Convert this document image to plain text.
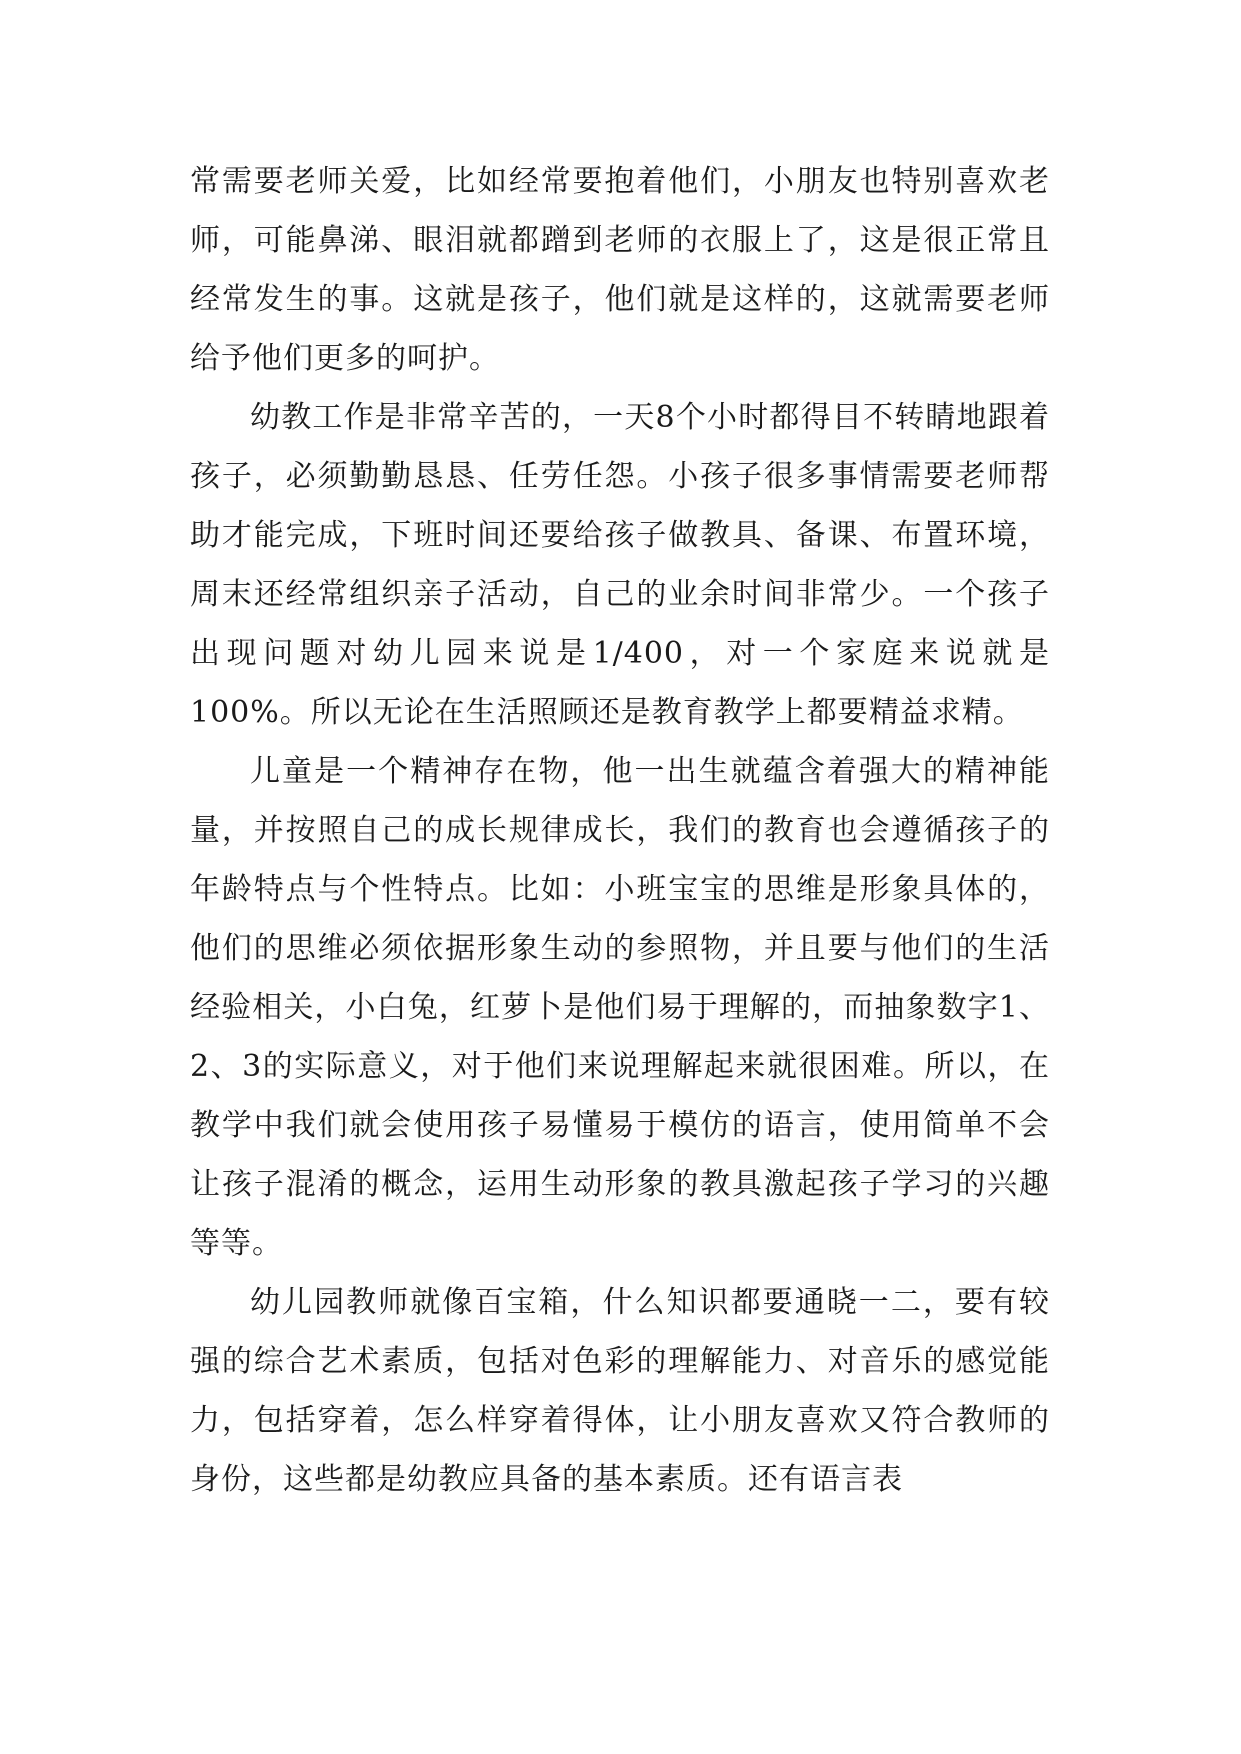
常需要老师关爱，比如经常要抱着他们，小朋友也特别喜欢老师，可能鼻涕、眼泪就都蹭到老师的衣服上了，这是很正常且经常发生的事。这就是孩子，他们就是这样的，这就需要老师给予他们更多的呵护。

幼教工作是非常辛苦的，一天8个小时都得目不转睛地跟着孩子，必须勤勤恳恳、任劳任怨。小孩子很多事情需要老师帮助才能完成，下班时间还要给孩子做教具、备课、布置环境，周末还经常组织亲子活动，自己的业余时间非常少。一个孩子出现问题对幼儿园来说是1/400，对一个家庭来说就是100%。所以无论在生活照顾还是教育教学上都要精益求精。

儿童是一个精神存在物，他一出生就蕴含着强大的精神能量，并按照自己的成长规律成长，我们的教育也会遵循孩子的年龄特点与个性特点。比如：小班宝宝的思维是形象具体的，他们的思维必须依据形象生动的参照物，并且要与他们的生活经验相关，小白兔，红萝卜是他们易于理解的，而抽象数字1、2、3的实际意义，对于他们来说理解起来就很困难。所以，在教学中我们就会使用孩子易懂易于模仿的语言，使用简单不会让孩子混淆的概念，运用生动形象的教具激起孩子学习的兴趣等等。

幼儿园教师就像百宝箱，什么知识都要通晓一二，要有较强的综合艺术素质，包括对色彩的理解能力、对音乐的感觉能力，包括穿着，怎么样穿着得体，让小朋友喜欢又符合教师的身份，这些都是幼教应具备的基本素质。还有语言表
